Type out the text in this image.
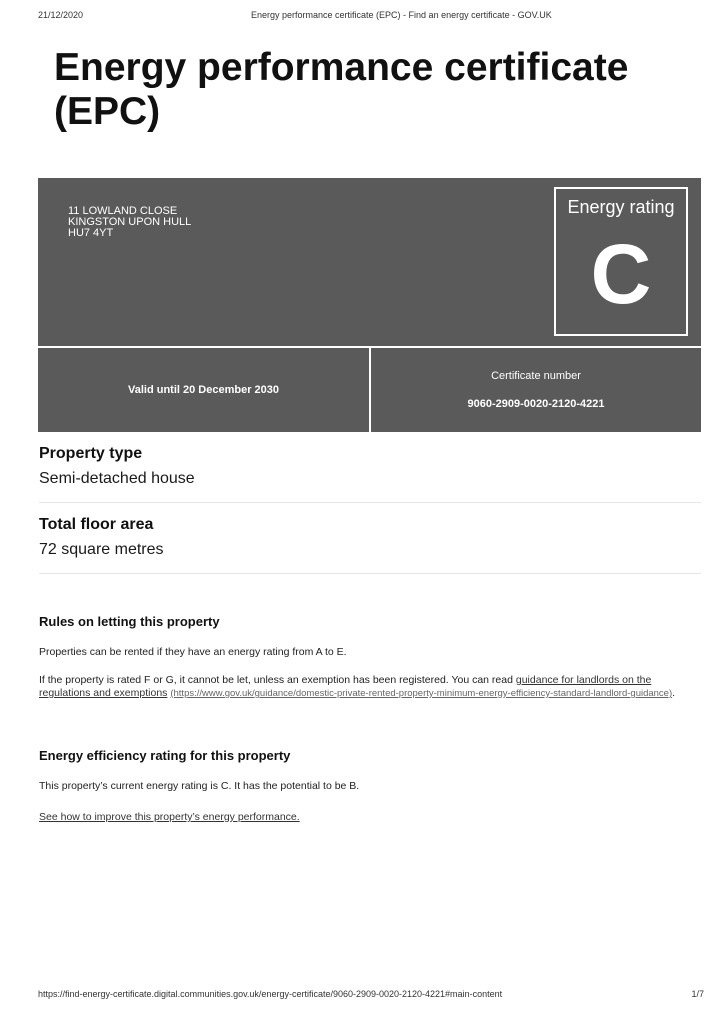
21/12/2020	Energy performance certificate (EPC) - Find an energy certificate - GOV.UK
Energy performance certificate (EPC)
11 LOWLAND CLOSE
KINGSTON UPON HULL
HU7 4YT
Energy rating
C
Valid until 20 December 2030
Certificate number
9060-2909-0020-2120-4221
Property type

Semi-detached house

Total floor area

72 square metres

Rules on letting this property

Properties can be rented if they have an energy rating from A to E.

If the property is rated F or G, it cannot be let, unless an exemption has been registered. You can read guidance for landlords on the regulations and exemptions (https://www.gov.uk/guidance/domestic-private-rented-property-minimum-energy-efficiency-standard-landlord-guidance).

Energy efficiency rating for this property

This property’s current energy rating is C. It has the potential to be B.

See how to improve this property’s energy performance.

https://find-energy-certificate.digital.communities.gov.uk/energy-certificate/9060-2909-0020-2120-4221#main-content	1/7
